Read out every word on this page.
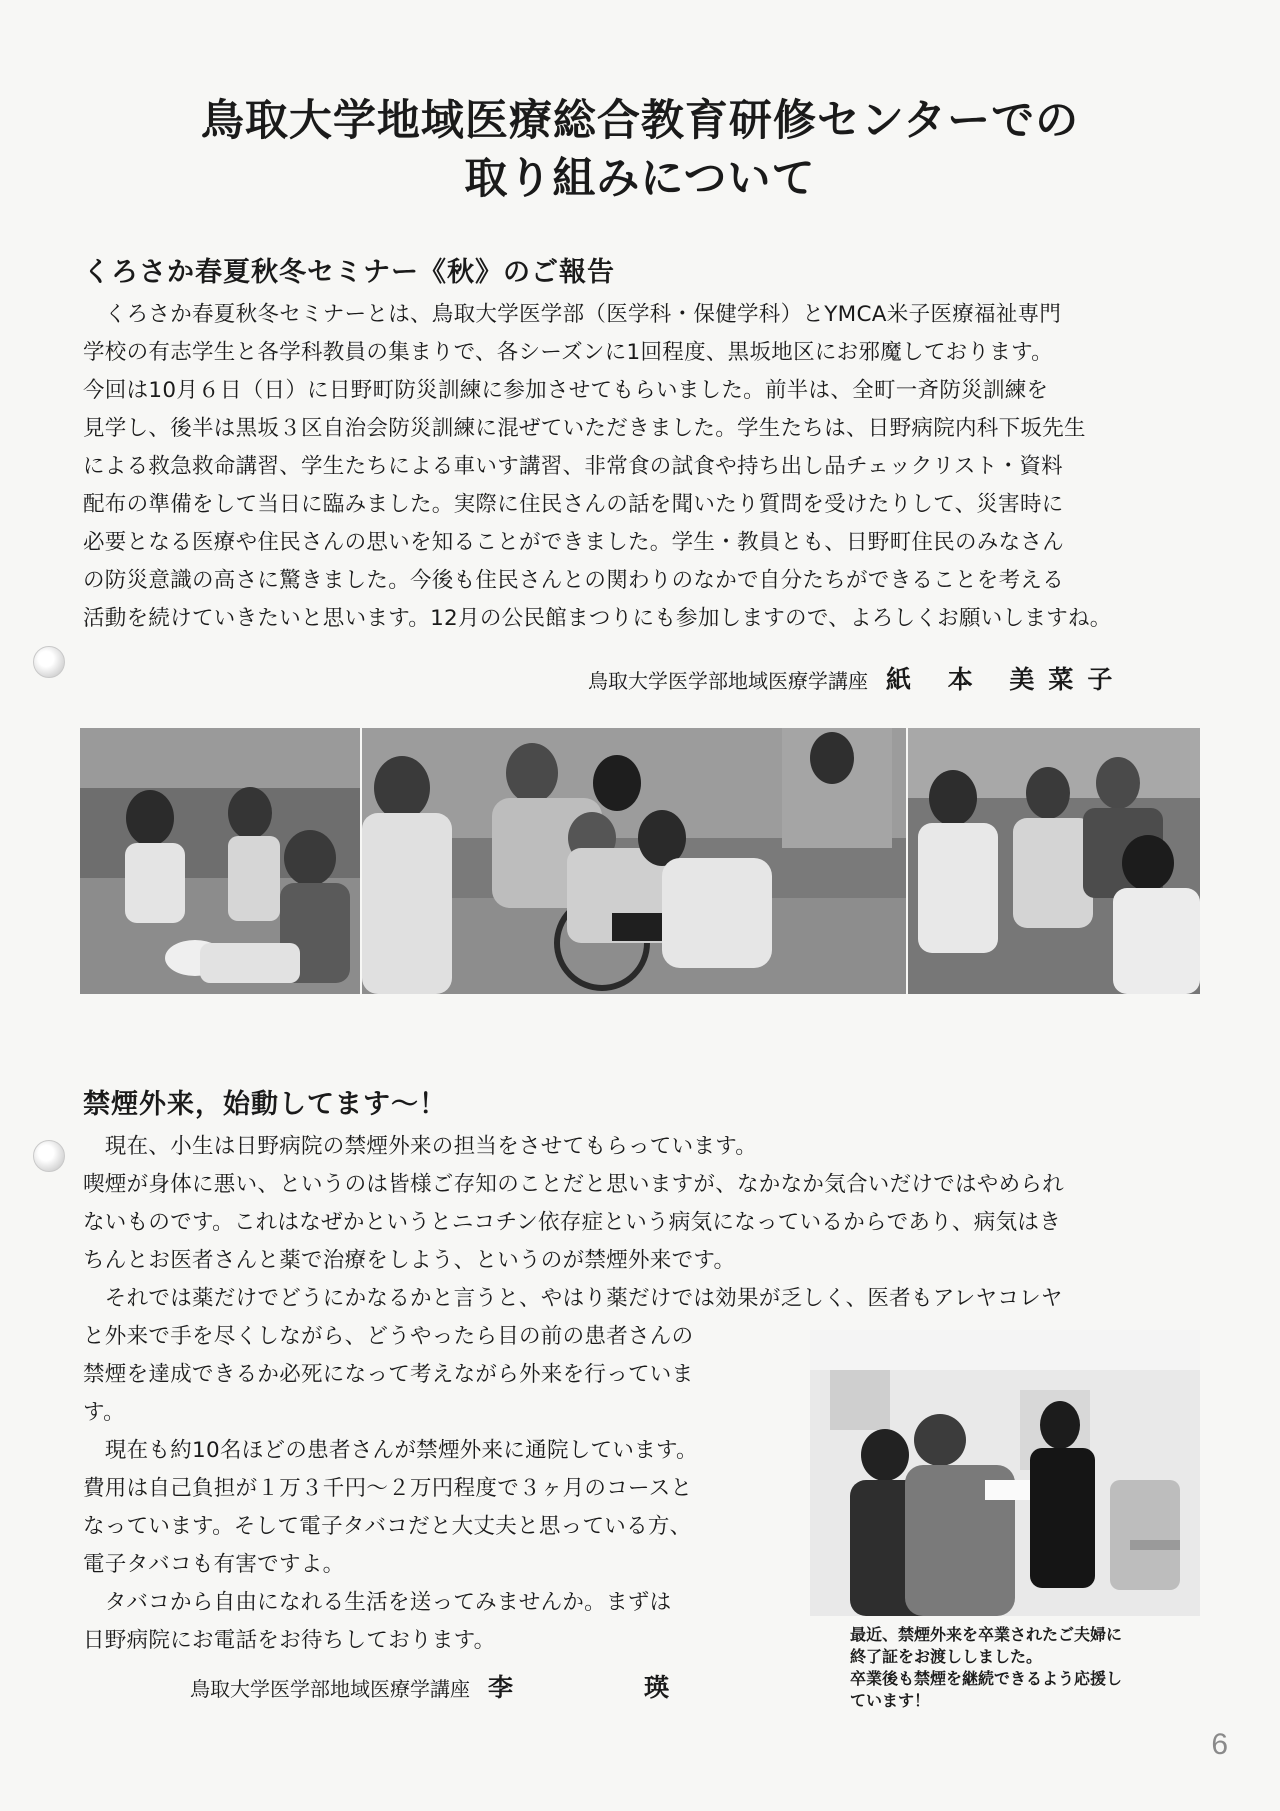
鳥取大学地域医療総合教育研修センターでの
取り組みについて
くろさか春夏秋冬セミナー《秋》のご報告

　くろさか春夏秋冬セミナーとは、鳥取大学医学部（医学科・保健学科）とYMCA米子医療福祉専門

学校の有志学生と各学科教員の集まりで、各シーズンに1回程度、黒坂地区にお邪魔しております。

今回は10月６日（日）に日野町防災訓練に参加させてもらいました。前半は、全町一斉防災訓練を

見学し、後半は黒坂３区自治会防災訓練に混ぜていただきました。学生たちは、日野病院内科下坂先生

による救急救命講習、学生たちによる車いす講習、非常食の試食や持ち出し品チェックリスト・資料

配布の準備をして当日に臨みました。実際に住民さんの話を聞いたり質問を受けたりして、災害時に

必要となる医療や住民さんの思いを知ることができました。学生・教員とも、日野町住民のみなさん

の防災意識の高さに驚きました。今後も住民さんとの関わりのなかで自分たちができることを考える

活動を続けていきたいと思います。12月の公民館まつりにも参加しますので、よろしくお願いしますね。

鳥取大学医学部地域医療学講座 紙 本 美菜子
禁煙外来，始動してます～！

　現在、小生は日野病院の禁煙外来の担当をさせてもらっています。

喫煙が身体に悪い、というのは皆様ご存知のことだと思いますが、なかなか気合いだけではやめられ

ないものです。これはなぜかというとニコチン依存症という病気になっているからであり、病気はき

ちんとお医者さんと薬で治療をしよう、というのが禁煙外来です。

　それでは薬だけでどうにかなるかと言うと、やはり薬だけでは効果が乏しく、医者もアレヤコレヤ

と外来で手を尽くしながら、どうやったら目の前の患者さんの

禁煙を達成できるか必死になって考えながら外来を行っていま

す。

　現在も約10名ほどの患者さんが禁煙外来に通院しています。

費用は自己負担が１万３千円～２万円程度で３ヶ月のコースと

なっています。そして電子タバコだと大丈夫と思っている方、

電子タバコも有害ですよ。

　タバコから自由になれる生活を送ってみませんか。まずは

日野病院にお電話をお待ちしております。

鳥取大学医学部地域医療学講座 李　　　瑛
最近、禁煙外来を卒業されたご夫婦に
終了証をお渡ししました。
卒業後も禁煙を継続できるよう応援し
ています！
6
